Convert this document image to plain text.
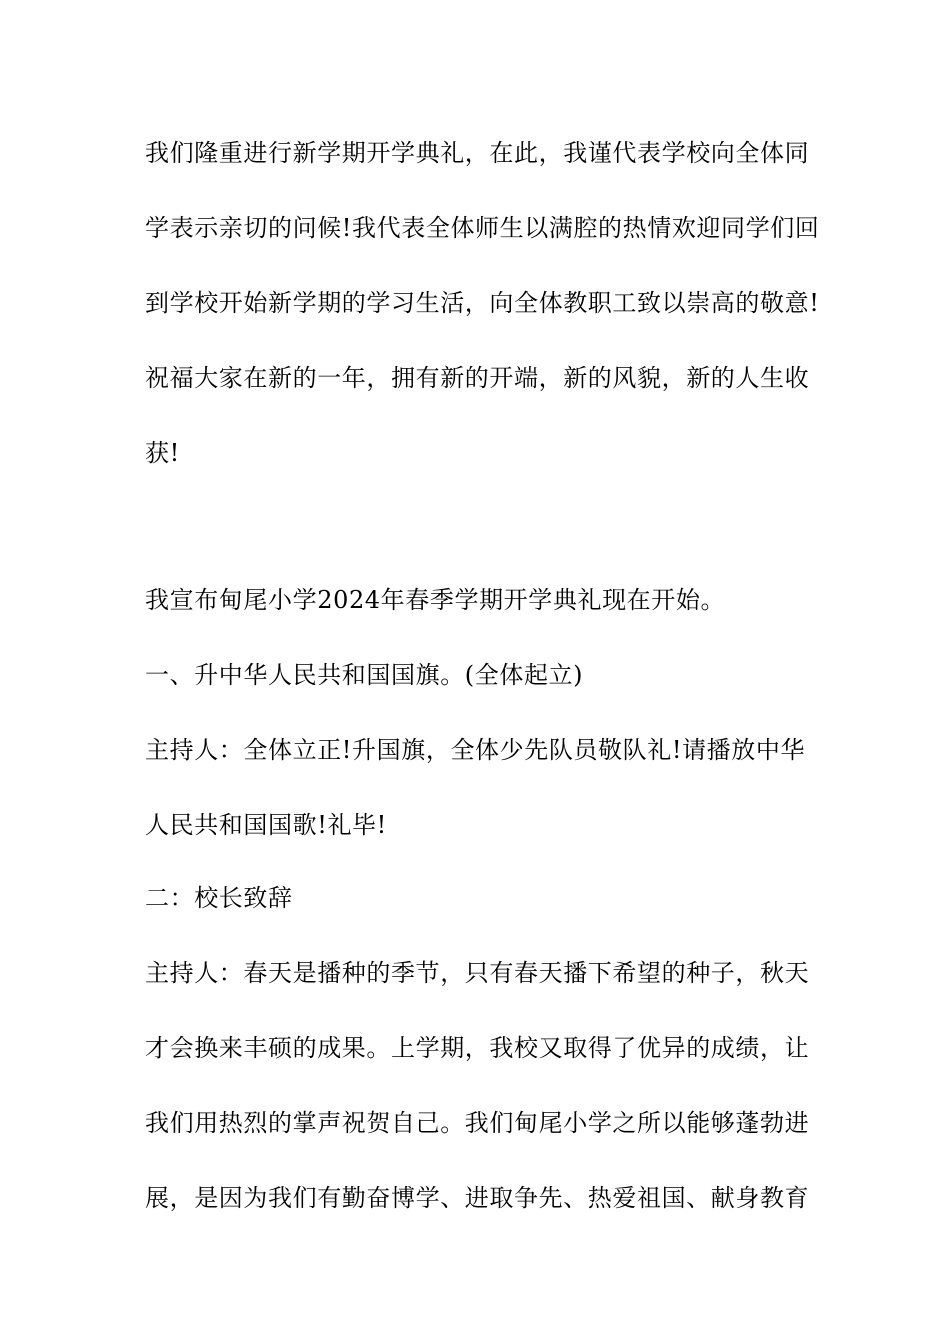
我们隆重进行新学期开学典礼，在此，我谨代表学校向全体同
学表示亲切的问候!我代表全体师生以满腔的热情欢迎同学们回
到学校开始新学期的学习生活，向全体教职工致以崇高的敬意!
祝福大家在新的一年，拥有新的开端，新的风貌，新的人生收
获!
我宣布甸尾小学2024年春季学期开学典礼现在开始。
一、升中华人民共和国国旗。(全体起立)
主持人：全体立正!升国旗，全体少先队员敬队礼!请播放中华
人民共和国国歌!礼毕!
二：校长致辞
主持人：春天是播种的季节，只有春天播下希望的种子，秋天
才会换来丰硕的成果。上学期，我校又取得了优异的成绩，让
我们用热烈的掌声祝贺自己。我们甸尾小学之所以能够蓬勃进
展，是因为我们有勤奋博学、进取争先、热爱祖国、献身教育
